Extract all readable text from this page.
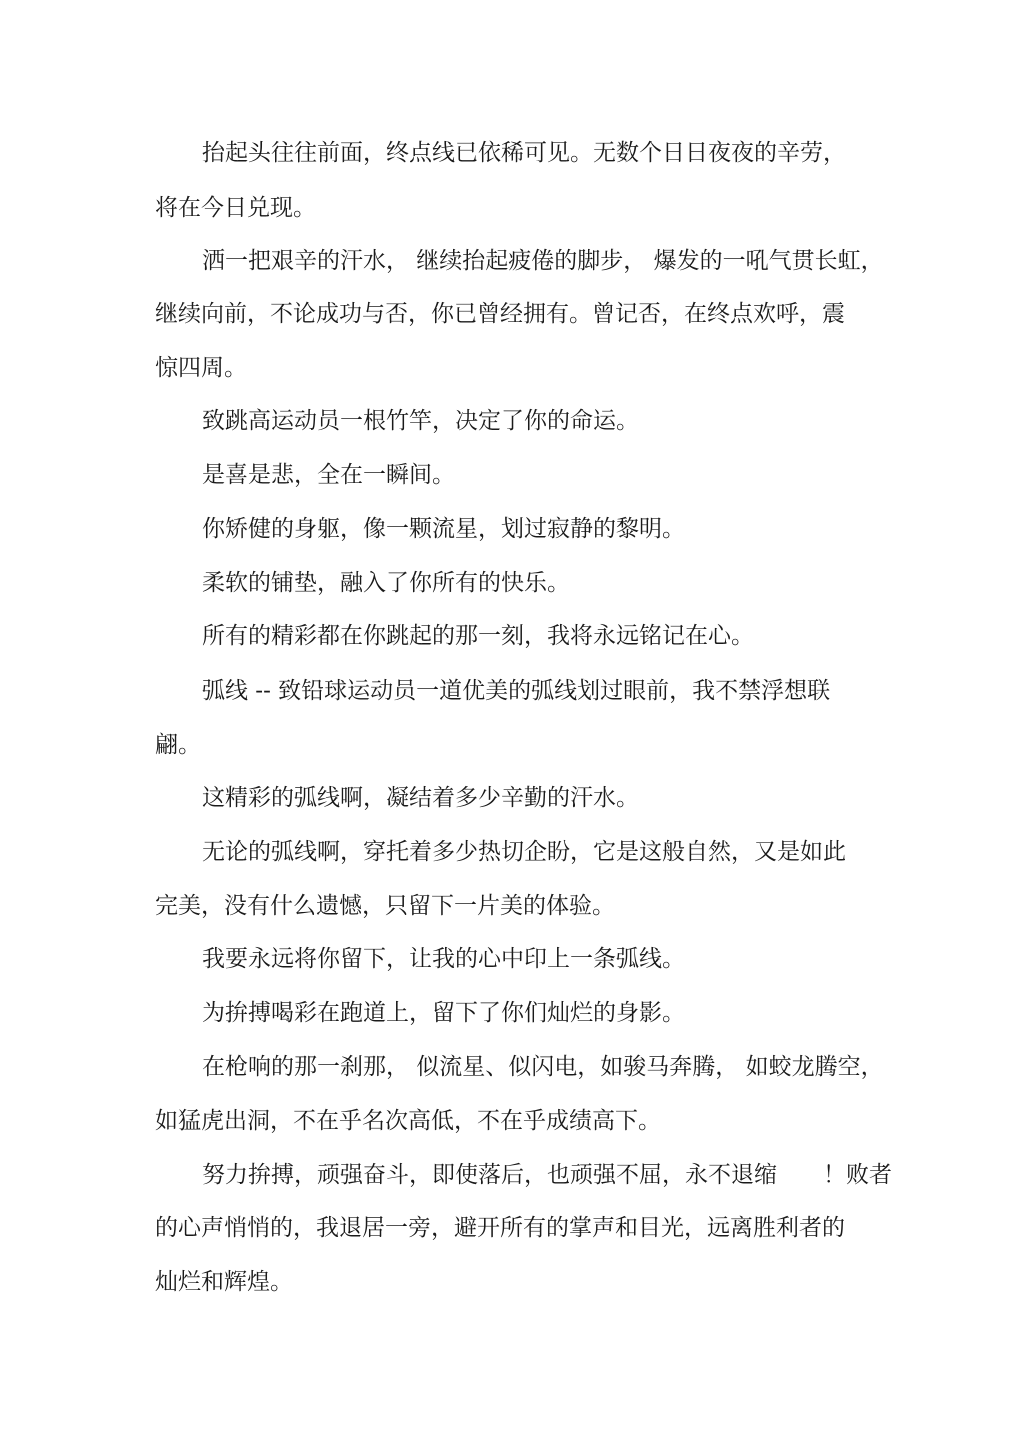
抬起头往往前面，终点线已依稀可见。无数个日日夜夜的辛劳，
将在今日兑现。
洒一把艰辛的汗水， 继续抬起疲倦的脚步， 爆发的一吼气贯长虹，
继续向前，不论成功与否，你已曾经拥有。曾记否，在终点欢呼，震
惊四周。
致跳高运动员一根竹竿，决定了你的命运。
是喜是悲，全在一瞬间。
你矫健的身躯，像一颗流星，划过寂静的黎明。
柔软的铺垫，融入了你所有的快乐。
所有的精彩都在你跳起的那一刻，我将永远铭记在心。
弧线 -- 致铅球运动员一道优美的弧线划过眼前，我不禁浮想联
翩。
这精彩的弧线啊，凝结着多少辛勤的汗水。
无论的弧线啊，穿托着多少热切企盼，它是这般自然，又是如此
完美，没有什么遗憾，只留下一片美的体验。
我要永远将你留下，让我的心中印上一条弧线。
为拚搏喝彩在跑道上，留下了你们灿烂的身影。
在枪响的那一刹那， 似流星、似闪电，如骏马奔腾， 如蛟龙腾空，
如猛虎出洞，不在乎名次高低，不在乎成绩高下。
努力拚搏，顽强奋斗，即使落后，也顽强不屈，永不退缩　　！败者
的心声悄悄的，我退居一旁，避开所有的掌声和目光，远离胜利者的
灿烂和辉煌。
